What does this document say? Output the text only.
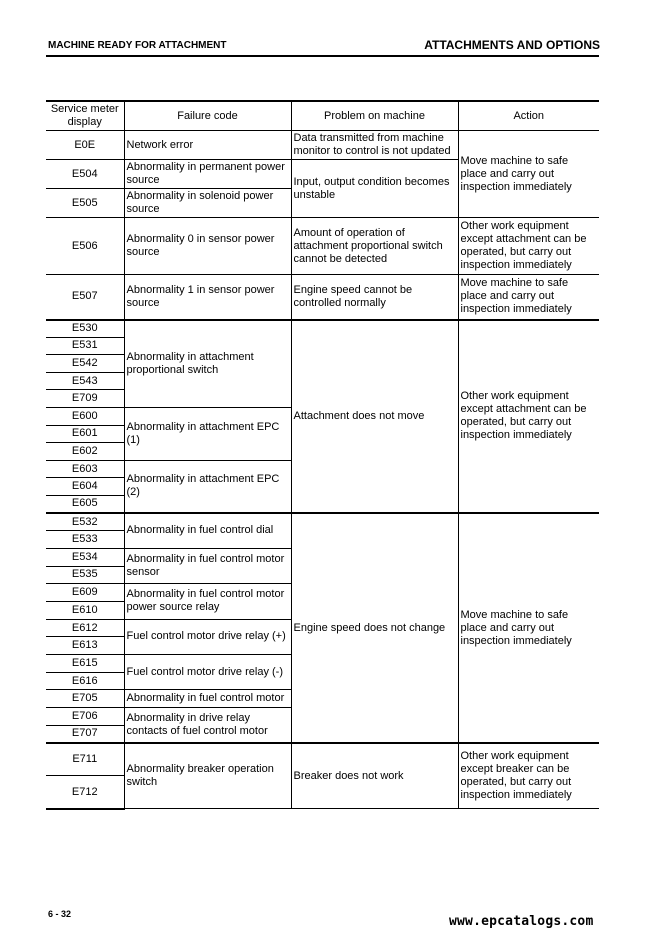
MACHINE READY FOR ATTACHMENT	ATTACHMENTS AND OPTIONS
Service meter display	Failure code	Problem on machine	Action
E0E	Network error	Data transmitted from machine monitor to control is not updated	Move machine to safe place and carry out inspection immediately
E504	Abnormality in permanent power source	Input, output condition becomes unstable	
E505	Abnormality in solenoid power source		
E506	Abnormality 0 in sensor power source	Amount of operation of attachment proportional switch cannot be detected	Other work equipment except attachment can be operated, but carry out inspection immediately
E507	Abnormality 1 in sensor power source	Engine speed cannot be controlled normally	Move machine to safe place and carry out inspection immediately
E530	Abnormality in attachment proportional switch	Attachment does not move	Other work equipment except attachment can be operated, but carry out inspection immediately
E531			
E542			
E543			
E709			
E600	Abnormality in attachment EPC (1)		
E601			
E602			
E603	Abnormality in attachment EPC (2)		
E604			
E605			
E532	Abnormality in fuel control dial	Engine speed does not change	Move machine to safe place and carry out inspection immediately
E533			
E534	Abnormality in fuel control motor sensor		
E535			
E609	Abnormality in fuel control motor power source relay		
E610			
E612	Fuel control motor drive relay (+)		
E613			
E615	Fuel control motor drive relay (-)		
E616			
E705	Abnormality in fuel control motor		
E706	Abnormality in drive relay contacts of fuel control motor		
E707			
E711	Abnormality breaker operation switch	Breaker does not work	Other work equipment except breaker can be operated, but carry out inspection immediately
E712			
6 - 32	www.epcatalogs.com
